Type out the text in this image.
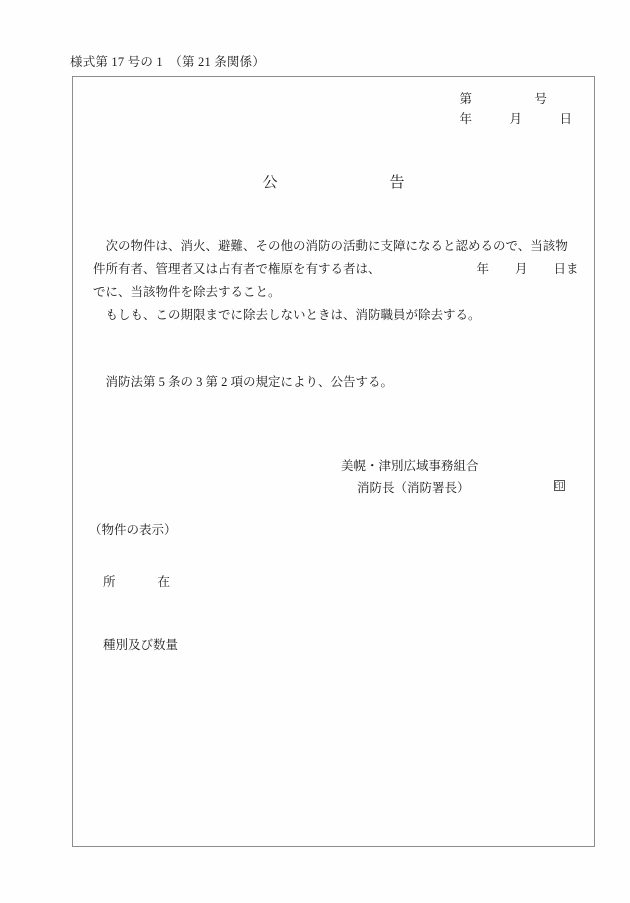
様式第 17 号の 1　（第 21 条関係）
第　　　　　号
年　　　月　　　日
公	告

　次の物件は、消火、避難、その他の消防の活動に支障になると認めるので、当該物件所有者、管理者又は占有者で権原を有する者は、	年 月 日までに、当該物件を除去すること。

　もしも、この期限までに除去しないときは、消防職員が除去する。

　消防法第 5 条の 3 第 2 項の規定により、公告する。

美幌・津別広域事務組合
消防長（消防署長）	印
（物件の表示）
所	在
種別及び数量
